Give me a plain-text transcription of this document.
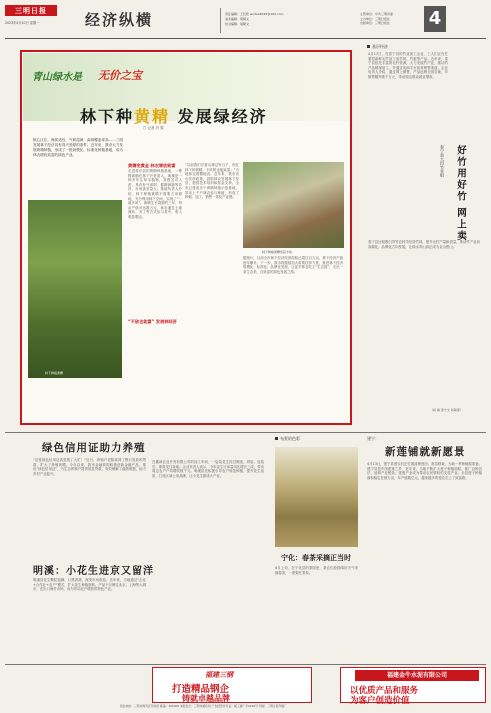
三明日报
2023年4月10日 星期一	经济纵横	责任编辑：王钰欣 wcrbw2022@163.com
美术编辑：胡顺文
校对编辑：胡顺文
主管单位：中共三明市委
主办单位：三明日报社
出版单位：三明日报社 4
青山绿水是 无价之宝
林下种黄精 发展绿经济
□ 记者 冯 黎
核心区位，海拔适宜，气候湿润，森林覆盖率高……三明发展林下经济具有得天独厚的条件。近年来，我市大力发展黄精种植，形成了一批规模化、标准化种植基地，成为林农增收致富的绿色产业。
林下种植黄精
黄精变黄金 林农增收致富
走进将乐县的黄精种植基地，一株株黄精在林下长势喜人。黄精是一种多年生草本植物，其根茎可入药，具有补气养阴、健脾润肺等功效，市场需求量大。基地负责人介绍，林下种植黄精不需要占用耕地，充分利用林下空间，实现了“一地多用”。黄精生长周期约三年，每亩产值可达数万元，林农通过土地流转、务工等方式参与其中，收入明显增加。
“不砍也能富” 发展林经济
“以前我们守着山林过穷日子，现在林下种黄精，不砍树也能致富。”当地林农感慨地说。近年来，我市出台扶持政策，鼓励林农发展林下经济，提供技术培训和资金支持。全市已建成多个黄精种植示范基地，带动上千户林农参与种植，形成了种植、加工、销售一体化产业链。
林下种植黄精喜获丰收
据统计，目前全市林下经济经营面积已超过百万亩，林下经济产值逐年攀升。下一步，我市将继续加大政策扶持力度，推进林下经济规模化、标准化、品牌化发展，让更多林农吃上“生态饭”，走出一条生态美、百姓富的绿色发展之路。
基层经济
好竹用好竹 网上卖
泰宁县大田竹业组
4月17日，在泰宁县的竹业加工企业，工人们正在忙着将新鲜毛竹加工成竹筷、竹板等产品。近年来，泰宁县依托丰富的毛竹资源，大力发展竹产业，推动竹产品精深加工，并通过电商平台拓宽销售渠道。企业负责人介绍，通过网上销售，产品远销全国各地，年销售额突破千万元，带动周边群众就业增收。
泰宁县还积极引导竹农科学经营竹林，提升毛竹产量和质量，推动竹产业向高端化、品牌化方向发展，让绿水青山真正成为金山银山。
（杨 峰 泰宁文 杨敏等）
绿色信用证助力养殖
“这张绿色信用证真是帮了大忙！”近日，养殖户老陈拿到了银行发放的贷款，扩大了养殖规模。今年以来，我市金融机构积极创新金融产品，推出“绿色信用证”，为生态养殖户提供低息贷款，有效缓解了融资难题，助力乡村产业振兴。
明溪：小花生进京又留洋
明溪县花生颗粒饱满、口感香甜，深受市场欢迎。近年来，当地通过“企业+合作社+农户”模式，扩大花生种植面积，产品不仅销往北京、上海等大城市，还出口海外市场，成为带动农户增收的特色产业。
在鑫润农业开发有限公司的加工车间，一袋袋花生经过筛选、烘焙、包装后，即将发往各地。企业负责人表示，今年花生订单量同比增长三成，带动周边农户户均增收数千元。明溪县还积极引导农户规范种植，提升花生品质，打造区域公用品牌，让小花生做成大产业。
布景的色彩
宁化：春茶采摘正当时
4月上旬，在宁化县的茶园里，茶农们抢抓晴好天气采摘春茶，一派繁忙景象。
建宁：
新莲铺就新愿景
4月13日，建宁县莲农们正忙着清理莲田、育苗移栽，为新一季种植做准备。建宁县是中国建莲之乡，近年来，当地不断扩大莲子种植面积，推广良种良法，延伸产业链条，建莲产业成为带动农民增收的支柱产业。全县莲子种植面积稳定在数万亩，年产值数亿元，越来越多的莲农走上了致富路。
福建三钢
打造精品钢企
铸就卓越品牌
福建金牛水泥有限公司
以优质产品和服务
为客户创造价值
报社地址：三明市梅列区列东街 邮编：365000 本报发行：三明市邮政局 广告经营许可证：闽工商广字0016号 印刷：三明日报印刷厂
